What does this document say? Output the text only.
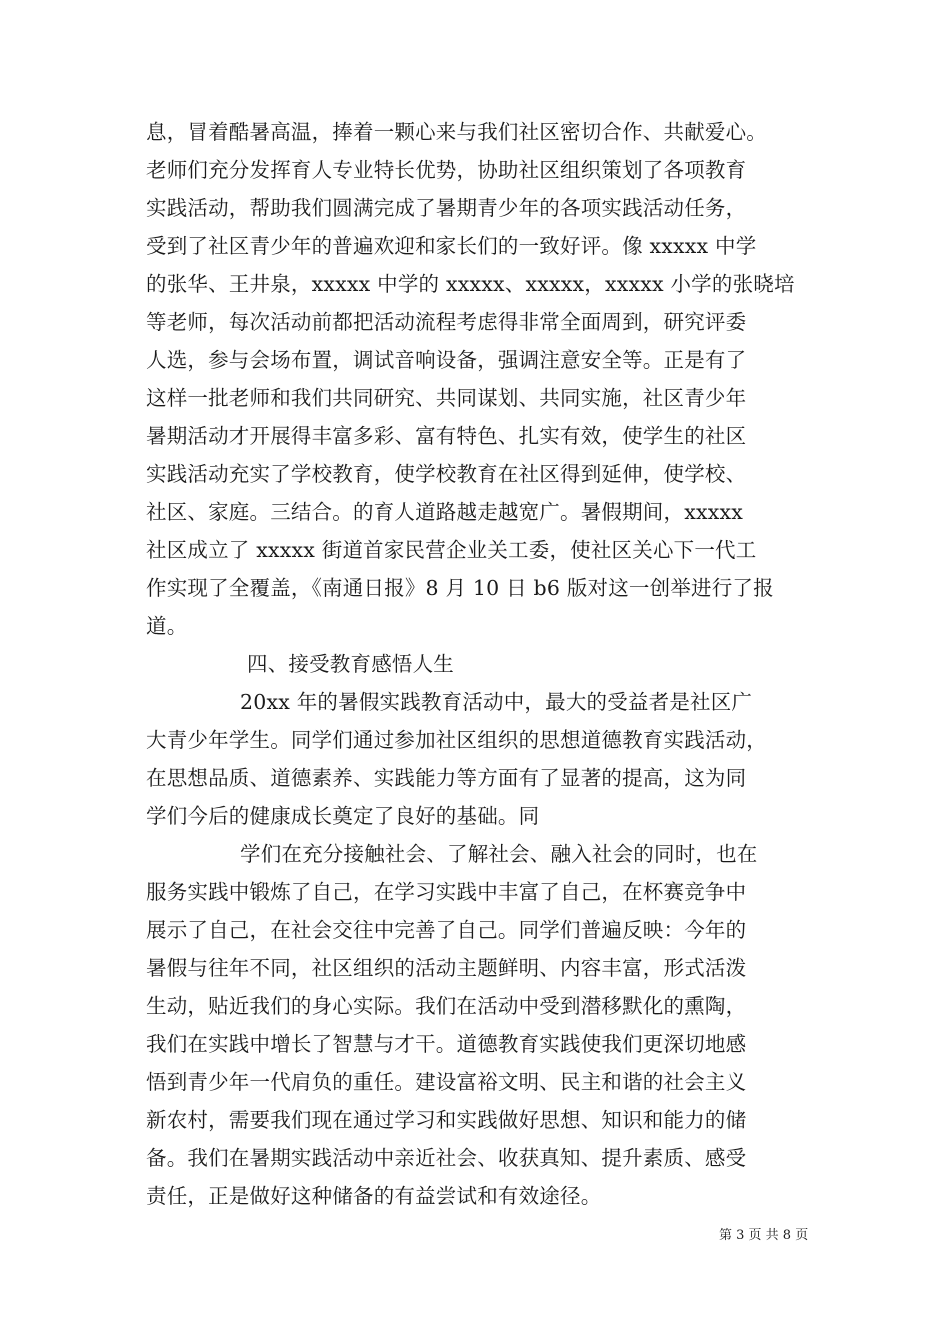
息，冒着酷暑高温，捧着一颗心来与我们社区密切合作、共献爱心。
老师们充分发挥育人专业特长优势，协助社区组织策划了各项教育
实践活动，帮助我们圆满完成了暑期青少年的各项实践活动任务，
受到了社区青少年的普遍欢迎和家长们的一致好评。像 xxxxx 中学
的张华、王井泉，xxxxx 中学的 xxxxx、xxxxx，xxxxx 小学的张晓培
等老师，每次活动前都把活动流程考虑得非常全面周到，研究评委
人选，参与会场布置，调试音响设备，强调注意安全等。正是有了
这样一批老师和我们共同研究、共同谋划、共同实施，社区青少年
暑期活动才开展得丰富多彩、富有特色、扎实有效，使学生的社区
实践活动充实了学校教育，使学校教育在社区得到延伸，使学校、
社区、家庭。三结合。的育人道路越走越宽广。暑假期间，xxxxx
社区成立了 xxxxx 街道首家民营企业关工委，使社区关心下一代工
作实现了全覆盖，《南通日报》8 月 10 日 b6 版对这一创举进行了报
道。
四、接受教育感悟人生
20xx 年的暑假实践教育活动中，最大的受益者是社区广
大青少年学生。同学们通过参加社区组织的思想道德教育实践活动，
在思想品质、道德素养、实践能力等方面有了显著的提高，这为同
学们今后的健康成长奠定了良好的基础。同
学们在充分接触社会、了解社会、融入社会的同时，也在
服务实践中锻炼了自己，在学习实践中丰富了自己，在杯赛竞争中
展示了自己，在社会交往中完善了自己。同学们普遍反映：今年的
暑假与往年不同，社区组织的活动主题鲜明、内容丰富，形式活泼
生动，贴近我们的身心实际。我们在活动中受到潜移默化的熏陶，
我们在实践中增长了智慧与才干。道德教育实践使我们更深切地感
悟到青少年一代肩负的重任。建设富裕文明、民主和谐的社会主义
新农村，需要我们现在通过学习和实践做好思想、知识和能力的储
备。我们在暑期实践活动中亲近社会、收获真知、提升素质、感受
责任，正是做好这种储备的有益尝试和有效途径。
第 3 页 共 8 页
